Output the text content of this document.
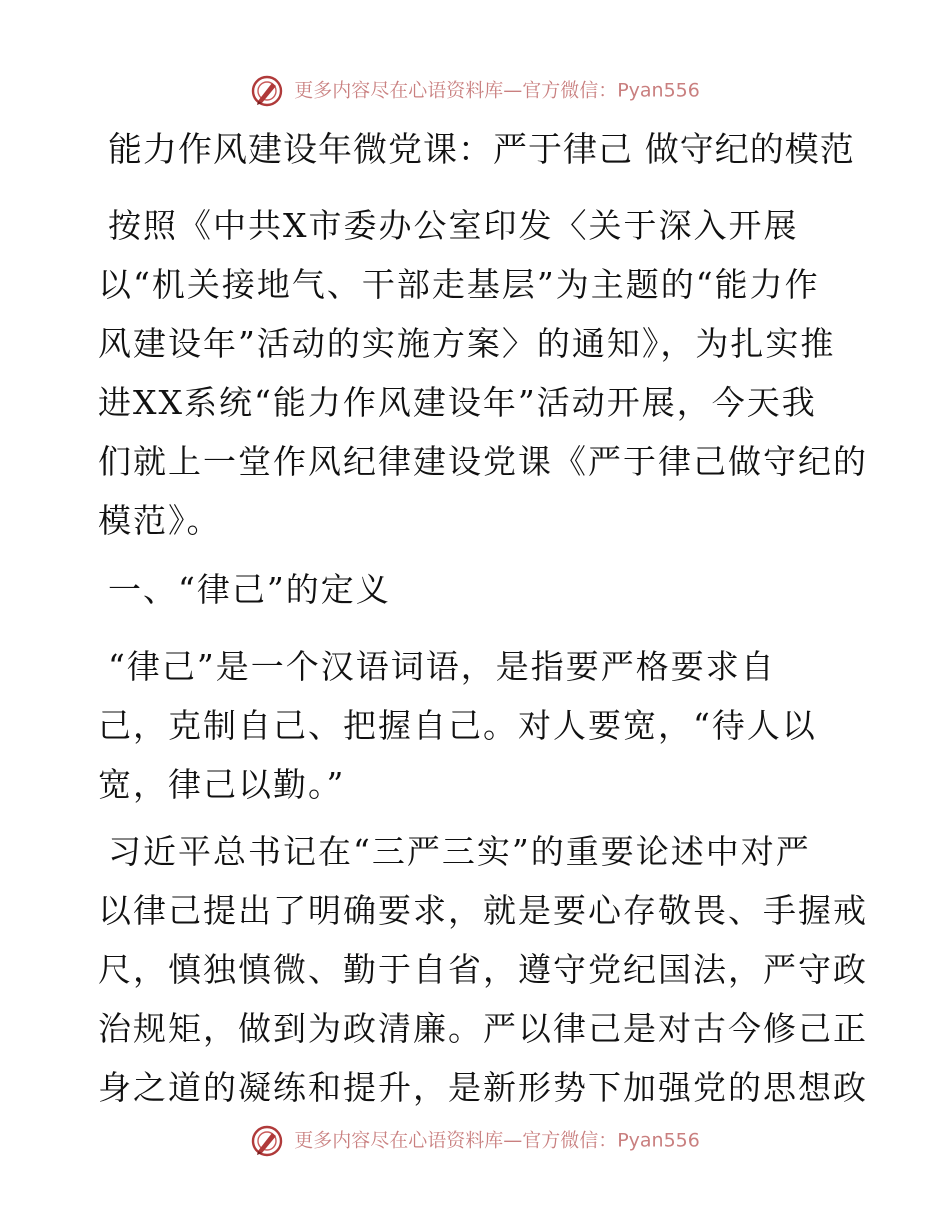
更多内容尽在心语资料库—官方微信：Pyan556
能力作风建设年微党课：严于律己 做守纪的模范
按照《中共X市委办公室印发〈关于深入开展
以“机关接地气、干部走基层”为主题的“能力作
风建设年”活动的实施方案〉的通知》，为扎实推
进XX系统“能力作风建设年”活动开展，今天我
们就上一堂作风纪律建设党课《严于律己做守纪的
模范》。
一、“律己”的定义
“律己”是一个汉语词语，是指要严格要求自
己，克制自己、把握自己。对人要宽，“待人以
宽，律己以勤。”
习近平总书记在“三严三实”的重要论述中对严
以律己提出了明确要求，就是要心存敬畏、手握戒
尺，慎独慎微、勤于自省，遵守党纪国法，严守政
治规矩，做到为政清廉。严以律己是对古今修己正
身之道的凝练和提升，是新形势下加强党的思想政
更多内容尽在心语资料库—官方微信：Pyan556
